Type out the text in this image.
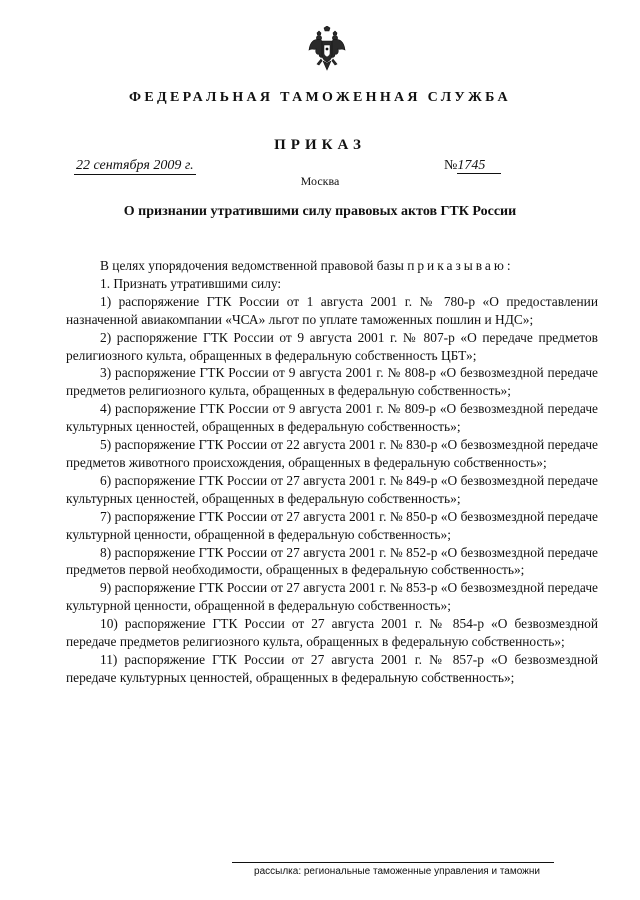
ФЕДЕРАЛЬНАЯ ТАМОЖЕННАЯ СЛУЖБА
ПРИКАЗ
22 сентября 2009 г.	№1745
Москва
О признании утратившими силу правовых актов ГТК России

В целях упорядочения ведомственной правовой базы приказываю:

1. Признать утратившими силу:

1) распоряжение ГТК России от 1 августа 2001 г. № 780-р «О предоставлении назначенной авиакомпании «ЧСА» льгот по уплате таможенных пошлин и НДС»;

2) распоряжение ГТК России от 9 августа 2001 г. № 807-р «О передаче предметов религиозного культа, обращенных в федеральную собственность ЦБТ»;

3) распоряжение ГТК России от 9 августа 2001 г. № 808-р «О безвозмездной передаче предметов религиозного культа, обращенных в федеральную собственность»;

4) распоряжение ГТК России от 9 августа 2001 г. № 809-р «О безвозмездной передаче культурных ценностей, обращенных в федеральную собственность»;

5) распоряжение ГТК России от 22 августа 2001 г. № 830-р «О безвозмездной передаче предметов животного происхождения, обращенных в федеральную собственность»;

6) распоряжение ГТК России от 27 августа 2001 г. № 849-р «О безвозмездной передаче культурных ценностей, обращенных в федеральную собственность»;

7) распоряжение ГТК России от 27 августа 2001 г. № 850-р «О безвозмездной передаче культурной ценности, обращенной в федеральную собственность»;

8) распоряжение ГТК России от 27 августа 2001 г. № 852-р «О безвозмездной передаче предметов первой необходимости, обращенных в федеральную собственность»;

9) распоряжение ГТК России от 27 августа 2001 г. № 853-р «О безвозмездной передаче культурной ценности, обращенной в федеральную собственность»;

10) распоряжение ГТК России от 27 августа 2001 г. № 854-р «О безвозмездной передаче предметов религиозного культа, обращенных в федеральную собственность»;

11) распоряжение ГТК России от 27 августа 2001 г. № 857-р «О безвозмездной передаче культурных ценностей, обращенных в федеральную собственность»;

рассылка: региональные таможенные управления и таможни
